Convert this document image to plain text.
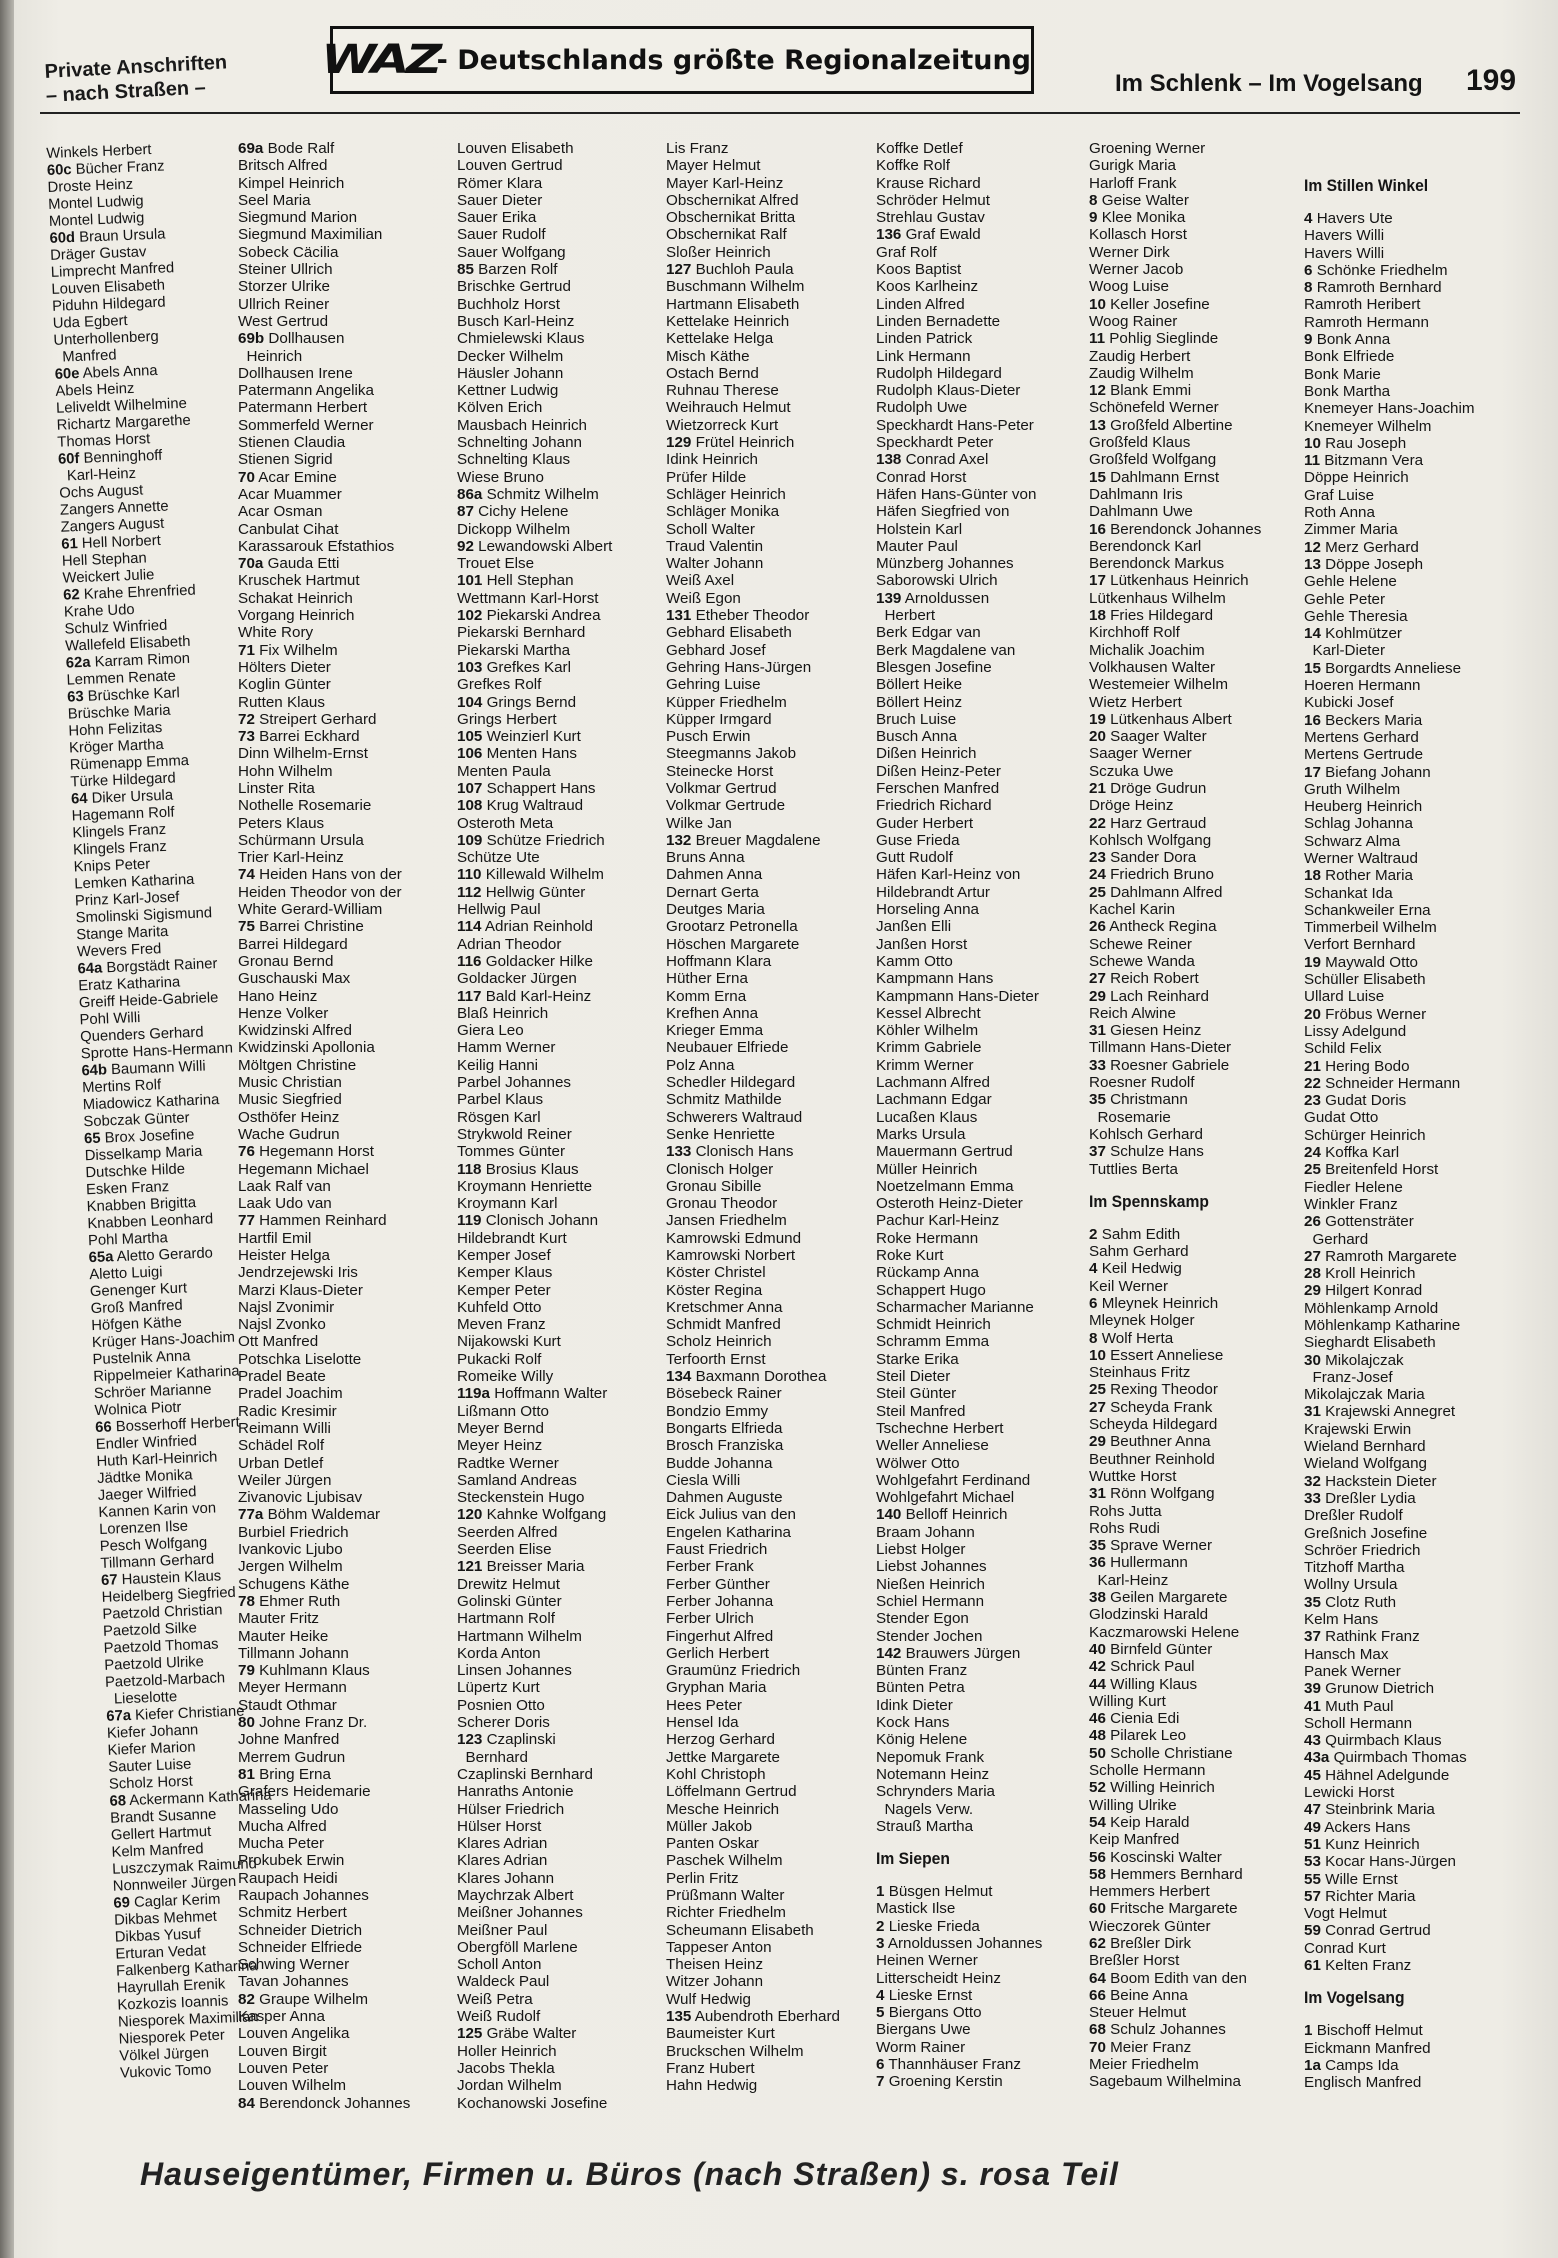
Private Anschriften
– nach Straßen –
WAZ
- Deutschlands größte Regionalzeitung
Im Schlenk – Im Vogelsang 199
Winkels Herbert
60c Bücher Franz
Droste Heinz
Montel Ludwig
Montel Ludwig
60d Braun Ursula
Dräger Gustav
Limprecht Manfred
Louven Elisabeth
Piduhn Hildegard
Uda Egbert
Unterhollenberg
Manfred
60e Abels Anna
Abels Heinz
Leliveldt Wilhelmine
Richartz Margarethe
Thomas Horst
60f Benninghoff
Karl-Heinz
Ochs August
Zangers Annette
Zangers August
61 Hell Norbert
Hell Stephan
Weickert Julie
62 Krahe Ehrenfried
Krahe Udo
Schulz Winfried
Wallefeld Elisabeth
62a Karram Rimon
Lemmen Renate
63 Brüschke Karl
Brüschke Maria
Hohn Felizitas
Kröger Martha
Rümenapp Emma
Türke Hildegard
64 Diker Ursula
Hagemann Rolf
Klingels Franz
Klingels Franz
Knips Peter
Lemken Katharina
Prinz Karl-Josef
Smolinski Sigismund
Stange Marita
Wevers Fred
64a Borgstädt Rainer
Eratz Katharina
Greiff Heide-Gabriele
Pohl Willi
Quenders Gerhard
Sprotte Hans-Hermann
64b Baumann Willi
Mertins Rolf
Miadowicz Katharina
Sobczak Günter
65 Brox Josefine
Disselkamp Maria
Dutschke Hilde
Esken Franz
Knabben Brigitta
Knabben Leonhard
Pohl Martha
65a Aletto Gerardo
Aletto Luigi
Genenger Kurt
Groß Manfred
Höfgen Käthe
Krüger Hans-Joachim
Pustelnik Anna
Rippelmeier Katharina
Schröer Marianne
Wolnica Piotr
66 Bosserhoff Herbert
Endler Winfried
Huth Karl-Heinrich
Jädtke Monika
Jaeger Wilfried
Kannen Karin von
Lorenzen Ilse
Pesch Wolfgang
Tillmann Gerhard
67 Haustein Klaus
Heidelberg Siegfried
Paetzold Christian
Paetzold Silke
Paetzold Thomas
Paetzold Ulrike
Paetzold-Marbach
Lieselotte
67a Kiefer Christiane
Kiefer Johann
Kiefer Marion
Sauter Luise
Scholz Horst
68 Ackermann Katharina
Brandt Susanne
Gellert Hartmut
Kelm Manfred
Luszczymak Raimund
Nonnweiler Jürgen
69 Caglar Kerim
Dikbas Mehmet
Dikbas Yusuf
Erturan Vedat
Falkenberg Katharina
Hayrullah Erenik
Kozkozis Ioannis
Niesporek Maximilian
Niesporek Peter
Völkel Jürgen
Vukovic Tomo
69a Bode Ralf
Britsch Alfred
Kimpel Heinrich
Seel Maria
Siegmund Marion
Siegmund Maximilian
Sobeck Cäcilia
Steiner Ullrich
Storzer Ulrike
Ullrich Reiner
West Gertrud
69b Dollhausen
Heinrich
Dollhausen Irene
Patermann Angelika
Patermann Herbert
Sommerfeld Werner
Stienen Claudia
Stienen Sigrid
70 Acar Emine
Acar Muammer
Acar Osman
Canbulat Cihat
Karassarouk Efstathios
70a Gauda Etti
Kruschek Hartmut
Schakat Heinrich
Vorgang Heinrich
White Rory
71 Fix Wilhelm
Hölters Dieter
Koglin Günter
Rutten Klaus
72 Streipert Gerhard
73 Barrei Eckhard
Dinn Wilhelm-Ernst
Hohn Wilhelm
Linster Rita
Nothelle Rosemarie
Peters Klaus
Schürmann Ursula
Trier Karl-Heinz
74 Heiden Hans von der
Heiden Theodor von der
White Gerard-William
75 Barrei Christine
Barrei Hildegard
Gronau Bernd
Guschauski Max
Hano Heinz
Henze Volker
Kwidzinski Alfred
Kwidzinski Apollonia
Möltgen Christine
Music Christian
Music Siegfried
Osthöfer Heinz
Wache Gudrun
76 Hegemann Horst
Hegemann Michael
Laak Ralf van
Laak Udo van
77 Hammen Reinhard
Hartfil Emil
Heister Helga
Jendrzejewski Iris
Marzi Klaus-Dieter
Najsl Zvonimir
Najsl Zvonko
Ott Manfred
Potschka Liselotte
Pradel Beate
Pradel Joachim
Radic Kresimir
Reimann Willi
Schädel Rolf
Urban Detlef
Weiler Jürgen
Zivanovic Ljubisav
77a Böhm Waldemar
Burbiel Friedrich
Ivankovic Ljubo
Jergen Wilhelm
Schugens Käthe
78 Ehmer Ruth
Mauter Fritz
Mauter Heike
Tillmann Johann
79 Kuhlmann Klaus
Meyer Hermann
Staudt Othmar
80 Johne Franz Dr.
Johne Manfred
Merrem Gudrun
81 Bring Erna
Grafers Heidemarie
Masseling Udo
Mucha Alfred
Mucha Peter
Prokubek Erwin
Raupach Heidi
Raupach Johannes
Schmitz Herbert
Schneider Dietrich
Schneider Elfriede
Schwing Werner
Tavan Johannes
82 Graupe Wilhelm
Kasper Anna
Louven Angelika
Louven Birgit
Louven Peter
Louven Wilhelm
84 Berendonck Johannes
Louven Elisabeth
Louven Gertrud
Römer Klara
Sauer Dieter
Sauer Erika
Sauer Rudolf
Sauer Wolfgang
85 Barzen Rolf
Brischke Gertrud
Buchholz Horst
Busch Karl-Heinz
Chmielewski Klaus
Decker Wilhelm
Häusler Johann
Kettner Ludwig
Kölven Erich
Mausbach Heinrich
Schnelting Johann
Schnelting Klaus
Wiese Bruno
86a Schmitz Wilhelm
87 Cichy Helene
Dickopp Wilhelm
92 Lewandowski Albert
Trouet Else
101 Hell Stephan
Wettmann Karl-Horst
102 Piekarski Andrea
Piekarski Bernhard
Piekarski Martha
103 Grefkes Karl
Grefkes Rolf
104 Grings Bernd
Grings Herbert
105 Weinzierl Kurt
106 Menten Hans
Menten Paula
107 Schappert Hans
108 Krug Waltraud
Osteroth Meta
109 Schütze Friedrich
Schütze Ute
110 Killewald Wilhelm
112 Hellwig Günter
Hellwig Paul
114 Adrian Reinhold
Adrian Theodor
116 Goldacker Hilke
Goldacker Jürgen
117 Bald Karl-Heinz
Blaß Heinrich
Giera Leo
Hamm Werner
Keilig Hanni
Parbel Johannes
Parbel Klaus
Rösgen Karl
Strykwold Reiner
Tommes Günter
118 Brosius Klaus
Kroymann Henriette
Kroymann Karl
119 Clonisch Johann
Hildebrandt Kurt
Kemper Josef
Kemper Klaus
Kemper Peter
Kuhfeld Otto
Meven Franz
Nijakowski Kurt
Pukacki Rolf
Romeike Willy
119a Hoffmann Walter
Lißmann Otto
Meyer Bernd
Meyer Heinz
Radtke Werner
Samland Andreas
Steckenstein Hugo
120 Kahnke Wolfgang
Seerden Alfred
Seerden Elise
121 Breisser Maria
Drewitz Helmut
Golinski Günter
Hartmann Rolf
Hartmann Wilhelm
Korda Anton
Linsen Johannes
Lüpertz Kurt
Posnien Otto
Scherer Doris
123 Czaplinski
Bernhard
Czaplinski Bernhard
Hanraths Antonie
Hülser Friedrich
Hülser Horst
Klares Adrian
Klares Adrian
Klares Johann
Maychrzak Albert
Meißner Johannes
Meißner Paul
Obergföll Marlene
Scholl Anton
Waldeck Paul
Weiß Petra
Weiß Rudolf
125 Gräbe Walter
Holler Heinrich
Jacobs Thekla
Jordan Wilhelm
Kochanowski Josefine
Lis Franz
Mayer Helmut
Mayer Karl-Heinz
Obschernikat Alfred
Obschernikat Britta
Obschernikat Ralf
Sloßer Heinrich
127 Buchloh Paula
Buschmann Wilhelm
Hartmann Elisabeth
Kettelake Heinrich
Kettelake Helga
Misch Käthe
Ostach Bernd
Ruhnau Therese
Weihrauch Helmut
Wietzorreck Kurt
129 Frütel Heinrich
Idink Heinrich
Prüfer Hilde
Schläger Heinrich
Schläger Monika
Scholl Walter
Traud Valentin
Walter Johann
Weiß Axel
Weiß Egon
131 Etheber Theodor
Gebhard Elisabeth
Gebhard Josef
Gehring Hans-Jürgen
Gehring Luise
Küpper Friedhelm
Küpper Irmgard
Pusch Erwin
Steegmanns Jakob
Steinecke Horst
Volkmar Gertrud
Volkmar Gertrude
Wilke Jan
132 Breuer Magdalene
Bruns Anna
Dahmen Anna
Dernart Gerta
Deutges Maria
Grootarz Petronella
Höschen Margarete
Hoffmann Klara
Hüther Erna
Komm Erna
Krefhen Anna
Krieger Emma
Neubauer Elfriede
Polz Anna
Schedler Hildegard
Schmitz Mathilde
Schwerers Waltraud
Senke Henriette
133 Clonisch Hans
Clonisch Holger
Gronau Sibille
Gronau Theodor
Jansen Friedhelm
Kamrowski Edmund
Kamrowski Norbert
Köster Christel
Köster Regina
Kretschmer Anna
Schmidt Manfred
Scholz Heinrich
Terfoorth Ernst
134 Baxmann Dorothea
Bösebeck Rainer
Bondzio Emmy
Bongarts Elfrieda
Brosch Franziska
Budde Johanna
Ciesla Willi
Dahmen Auguste
Eick Julius van den
Engelen Katharina
Faust Friedrich
Ferber Frank
Ferber Günther
Ferber Johanna
Ferber Ulrich
Fingerhut Alfred
Gerlich Herbert
Graumünz Friedrich
Gryphan Maria
Hees Peter
Hensel Ida
Herzog Gerhard
Jettke Margarete
Kohl Christoph
Löffelmann Gertrud
Mesche Heinrich
Müller Jakob
Panten Oskar
Paschek Wilhelm
Perlin Fritz
Prüßmann Walter
Richter Friedhelm
Scheumann Elisabeth
Tappeser Anton
Theisen Heinz
Witzer Johann
Wulf Hedwig
135 Aubendroth Eberhard
Baumeister Kurt
Bruckschen Wilhelm
Franz Hubert
Hahn Hedwig
Koffke Detlef
Koffke Rolf
Krause Richard
Schröder Helmut
Strehlau Gustav
136 Graf Ewald
Graf Rolf
Koos Baptist
Koos Karlheinz
Linden Alfred
Linden Bernadette
Linden Patrick
Link Hermann
Rudolph Hildegard
Rudolph Klaus-Dieter
Rudolph Uwe
Speckhardt Hans-Peter
Speckhardt Peter
138 Conrad Axel
Conrad Horst
Häfen Hans-Günter von
Häfen Siegfried von
Holstein Karl
Mauter Paul
Münzberg Johannes
Saborowski Ulrich
139 Arnoldussen
Herbert
Berk Edgar van
Berk Magdalene van
Blesgen Josefine
Böllert Heike
Böllert Heinz
Bruch Luise
Busch Anna
Dißen Heinrich
Dißen Heinz-Peter
Ferschen Manfred
Friedrich Richard
Guder Herbert
Guse Frieda
Gutt Rudolf
Häfen Karl-Heinz von
Hildebrandt Artur
Horseling Anna
Janßen Elli
Janßen Horst
Kamm Otto
Kampmann Hans
Kampmann Hans-Dieter
Kessel Albrecht
Köhler Wilhelm
Krimm Gabriele
Krimm Werner
Lachmann Alfred
Lachmann Edgar
Lucaßen Klaus
Marks Ursula
Mauermann Gertrud
Müller Heinrich
Noetzelmann Emma
Osteroth Heinz-Dieter
Pachur Karl-Heinz
Roke Hermann
Roke Kurt
Rückamp Anna
Schappert Hugo
Scharmacher Marianne
Schmidt Heinrich
Schramm Emma
Starke Erika
Steil Dieter
Steil Günter
Steil Manfred
Tschechne Herbert
Weller Anneliese
Wölwer Otto
Wohlgefahrt Ferdinand
Wohlgefahrt Michael
140 Belloff Heinrich
Braam Johann
Liebst Holger
Liebst Johannes
Nießen Heinrich
Schiel Hermann
Stender Egon
Stender Jochen
142 Brauwers Jürgen
Bünten Franz
Bünten Petra
Idink Dieter
Kock Hans
König Helene
Nepomuk Frank
Notemann Heinz
Schrynders Maria
Nagels Verw.
Strauß Martha
Im Siepen
1 Büsgen Helmut
Mastick Ilse
2 Lieske Frieda
3 Arnoldussen Johannes
Heinen Werner
Litterscheidt Heinz
4 Lieske Ernst
5 Biergans Otto
Biergans Uwe
Worm Rainer
6 Thannhäuser Franz
7 Groening Kerstin
Groening Werner
Gurigk Maria
Harloff Frank
8 Geise Walter
9 Klee Monika
Kollasch Horst
Werner Dirk
Werner Jacob
Woog Luise
10 Keller Josefine
Woog Rainer
11 Pohlig Sieglinde
Zaudig Herbert
Zaudig Wilhelm
12 Blank Emmi
Schönefeld Werner
13 Großfeld Albertine
Großfeld Klaus
Großfeld Wolfgang
15 Dahlmann Ernst
Dahlmann Iris
Dahlmann Uwe
16 Berendonck Johannes
Berendonck Karl
Berendonck Markus
17 Lütkenhaus Heinrich
Lütkenhaus Wilhelm
18 Fries Hildegard
Kirchhoff Rolf
Michalik Joachim
Volkhausen Walter
Westemeier Wilhelm
Wietz Herbert
19 Lütkenhaus Albert
20 Saager Walter
Saager Werner
Sczuka Uwe
21 Dröge Gudrun
Dröge Heinz
22 Harz Gertraud
Kohlsch Wolfgang
23 Sander Dora
24 Friedrich Bruno
25 Dahlmann Alfred
Kachel Karin
26 Antheck Regina
Schewe Reiner
Schewe Wanda
27 Reich Robert
29 Lach Reinhard
Reich Alwine
31 Giesen Heinz
Tillmann Hans-Dieter
33 Roesner Gabriele
Roesner Rudolf
35 Christmann
Rosemarie
Kohlsch Gerhard
37 Schulze Hans
Tuttlies Berta
Im Spennskamp
2 Sahm Edith
Sahm Gerhard
4 Keil Hedwig
Keil Werner
6 Mleynek Heinrich
Mleynek Holger
8 Wolf Herta
10 Essert Anneliese
Steinhaus Fritz
25 Rexing Theodor
27 Scheyda Frank
Scheyda Hildegard
29 Beuthner Anna
Beuthner Reinhold
Wuttke Horst
31 Rönn Wolfgang
Rohs Jutta
Rohs Rudi
35 Sprave Werner
36 Hullermann
Karl-Heinz
38 Geilen Margarete
Glodzinski Harald
Kaczmarowski Helene
40 Birnfeld Günter
42 Schrick Paul
44 Willing Klaus
Willing Kurt
46 Cienia Edi
48 Pilarek Leo
50 Scholle Christiane
Scholle Hermann
52 Willing Heinrich
Willing Ulrike
54 Keip Harald
Keip Manfred
56 Koscinski Walter
58 Hemmers Bernhard
Hemmers Herbert
60 Fritsche Margarete
Wieczorek Günter
62 Breßler Dirk
Breßler Horst
64 Boom Edith van den
66 Beine Anna
Steuer Helmut
68 Schulz Johannes
70 Meier Franz
Meier Friedhelm
Sagebaum Wilhelmina
Im Stillen Winkel
4 Havers Ute
Havers Willi
Havers Willi
6 Schönke Friedhelm
8 Ramroth Bernhard
Ramroth Heribert
Ramroth Hermann
9 Bonk Anna
Bonk Elfriede
Bonk Marie
Bonk Martha
Knemeyer Hans-Joachim
Knemeyer Wilhelm
10 Rau Joseph
11 Bitzmann Vera
Döppe Heinrich
Graf Luise
Roth Anna
Zimmer Maria
12 Merz Gerhard
13 Döppe Joseph
Gehle Helene
Gehle Peter
Gehle Theresia
14 Kohlmützer
Karl-Dieter
15 Borgardts Anneliese
Hoeren Hermann
Kubicki Josef
16 Beckers Maria
Mertens Gerhard
Mertens Gertrude
17 Biefang Johann
Gruth Wilhelm
Heuberg Heinrich
Schlag Johanna
Schwarz Alma
Werner Waltraud
18 Rother Maria
Schankat Ida
Schankweiler Erna
Timmerbeil Wilhelm
Verfort Bernhard
19 Maywald Otto
Schüller Elisabeth
Ullard Luise
20 Fröbus Werner
Lissy Adelgund
Schild Felix
21 Hering Bodo
22 Schneider Hermann
23 Gudat Doris
Gudat Otto
Schürger Heinrich
24 Koffka Karl
25 Breitenfeld Horst
Fiedler Helene
Winkler Franz
26 Gottensträter
Gerhard
27 Ramroth Margarete
28 Kroll Heinrich
29 Hilgert Konrad
Möhlenkamp Arnold
Möhlenkamp Katharine
Sieghardt Elisabeth
30 Mikolajczak
Franz-Josef
Mikolajczak Maria
31 Krajewski Annegret
Krajewski Erwin
Wieland Bernhard
Wieland Wolfgang
32 Hackstein Dieter
33 Dreßler Lydia
Dreßler Rudolf
Greßnich Josefine
Schröer Friedrich
Titzhoff Martha
Wollny Ursula
35 Clotz Ruth
Kelm Hans
37 Rathink Franz
Hansch Max
Panek Werner
39 Grunow Dietrich
41 Muth Paul
Scholl Hermann
43 Quirmbach Klaus
43a Quirmbach Thomas
45 Hähnel Adelgunde
Lewicki Horst
47 Steinbrink Maria
49 Ackers Hans
51 Kunz Heinrich
53 Kocar Hans-Jürgen
55 Wille Ernst
57 Richter Maria
Vogt Helmut
59 Conrad Gertrud
Conrad Kurt
61 Kelten Franz
Im Vogelsang
1 Bischoff Helmut
Eickmann Manfred
1a Camps Ida
Englisch Manfred
Hauseigentümer, Firmen u. Büros (nach Straßen) s. rosa Teil
